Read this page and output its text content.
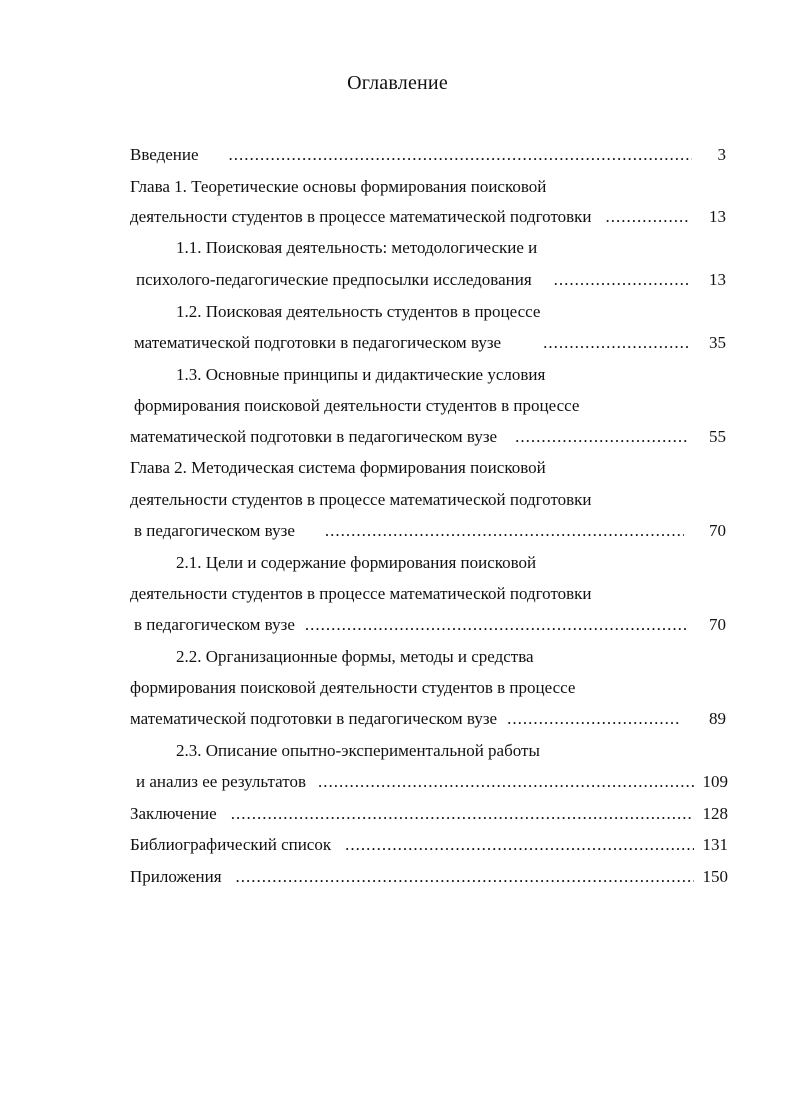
Оглавление
Введение .....	3
Глава 1. Теоретические основы формирования поисковой
деятельности студентов в процессе математической подготовки .....	13
1.1. Поисковая деятельность: методологические и
психолого-педагогические предпосылки исследования .....	13
1.2. Поисковая деятельность студентов в процессе
математической подготовки в педагогическом вузе .....	35
1.3. Основные принципы и дидактические условия
формирования поисковой деятельности студентов в процессе
математической подготовки в педагогическом вузе .....	55
Глава 2. Методическая система формирования поисковой
деятельности студентов в процессе математической подготовки
в педагогическом вузе .....	70
2.1. Цели и содержание формирования поисковой
деятельности студентов в процессе математической подготовки
в педагогическом вузе .....	70
2.2. Организационные формы, методы и средства
формирования поисковой деятельности студентов в процессе
математической подготовки в педагогическом вузе .....	89
2.3. Описание опытно-экспериментальной работы
и анализ ее результатов .....	109
Заключение .....	128
Библиографический список .....	131
Приложения .....	150
